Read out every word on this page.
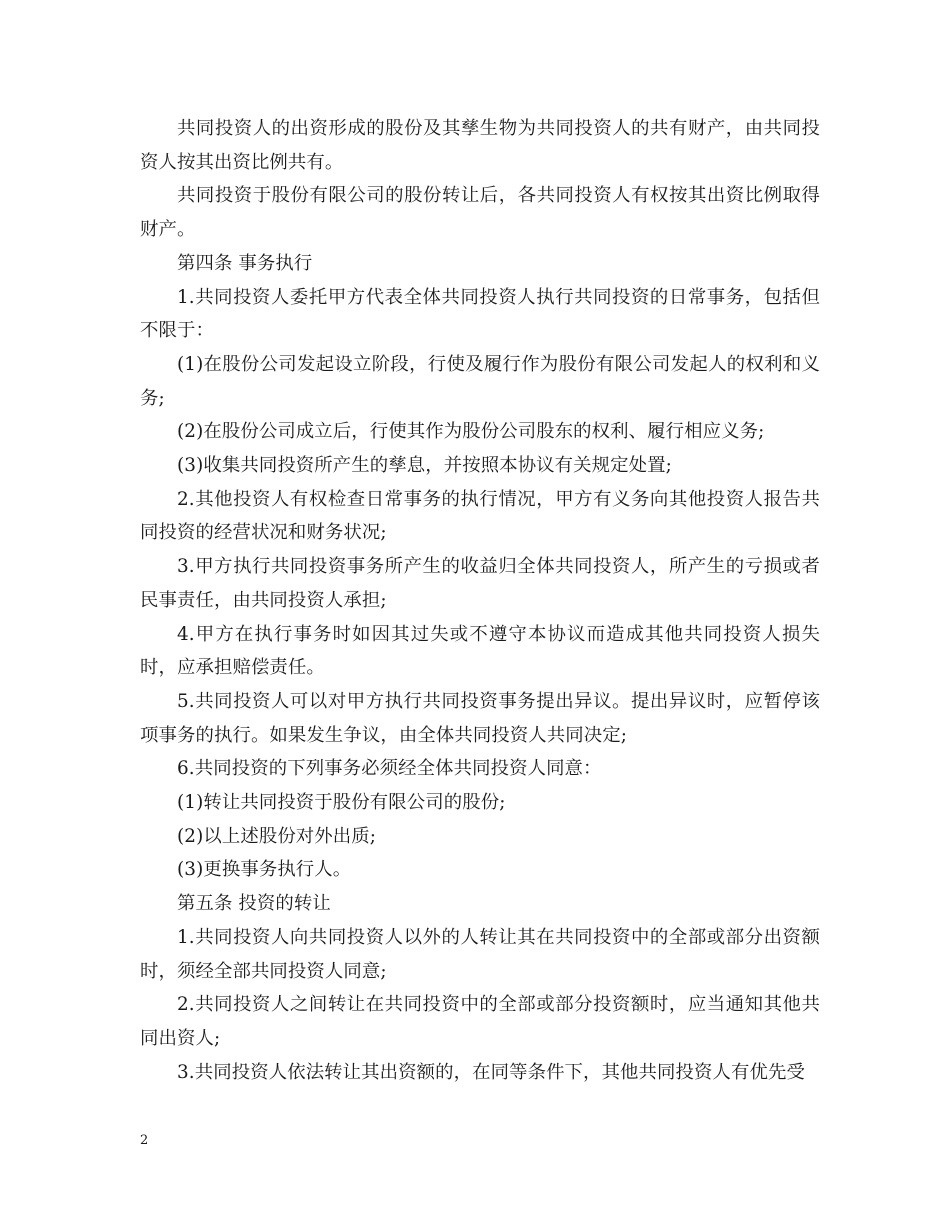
共同投资人的出资形成的股份及其孳生物为共同投资人的共有财产，由共同投资人按其出资比例共有。

共同投资于股份有限公司的股份转让后，各共同投资人有权按其出资比例取得财产。

第四条 事务执行

1.共同投资人委托甲方代表全体共同投资人执行共同投资的日常事务，包括但不限于：

(1)在股份公司发起设立阶段，行使及履行作为股份有限公司发起人的权利和义务;

(2)在股份公司成立后，行使其作为股份公司股东的权利、履行相应义务;

(3)收集共同投资所产生的孳息，并按照本协议有关规定处置;

2.其他投资人有权检查日常事务的执行情况，甲方有义务向其他投资人报告共同投资的经营状况和财务状况;

3.甲方执行共同投资事务所产生的收益归全体共同投资人，所产生的亏损或者民事责任，由共同投资人承担;

4.甲方在执行事务时如因其过失或不遵守本协议而造成其他共同投资人损失时，应承担赔偿责任。

5.共同投资人可以对甲方执行共同投资事务提出异议。提出异议时，应暂停该项事务的执行。如果发生争议，由全体共同投资人共同决定;

6.共同投资的下列事务必须经全体共同投资人同意：

(1)转让共同投资于股份有限公司的股份;

(2)以上述股份对外出质;

(3)更换事务执行人。

第五条 投资的转让

1.共同投资人向共同投资人以外的人转让其在共同投资中的全部或部分出资额时，须经全部共同投资人同意;

2.共同投资人之间转让在共同投资中的全部或部分投资额时，应当通知其他共同出资人;

3.共同投资人依法转让其出资额的，在同等条件下，其他共同投资人有优先受

2
